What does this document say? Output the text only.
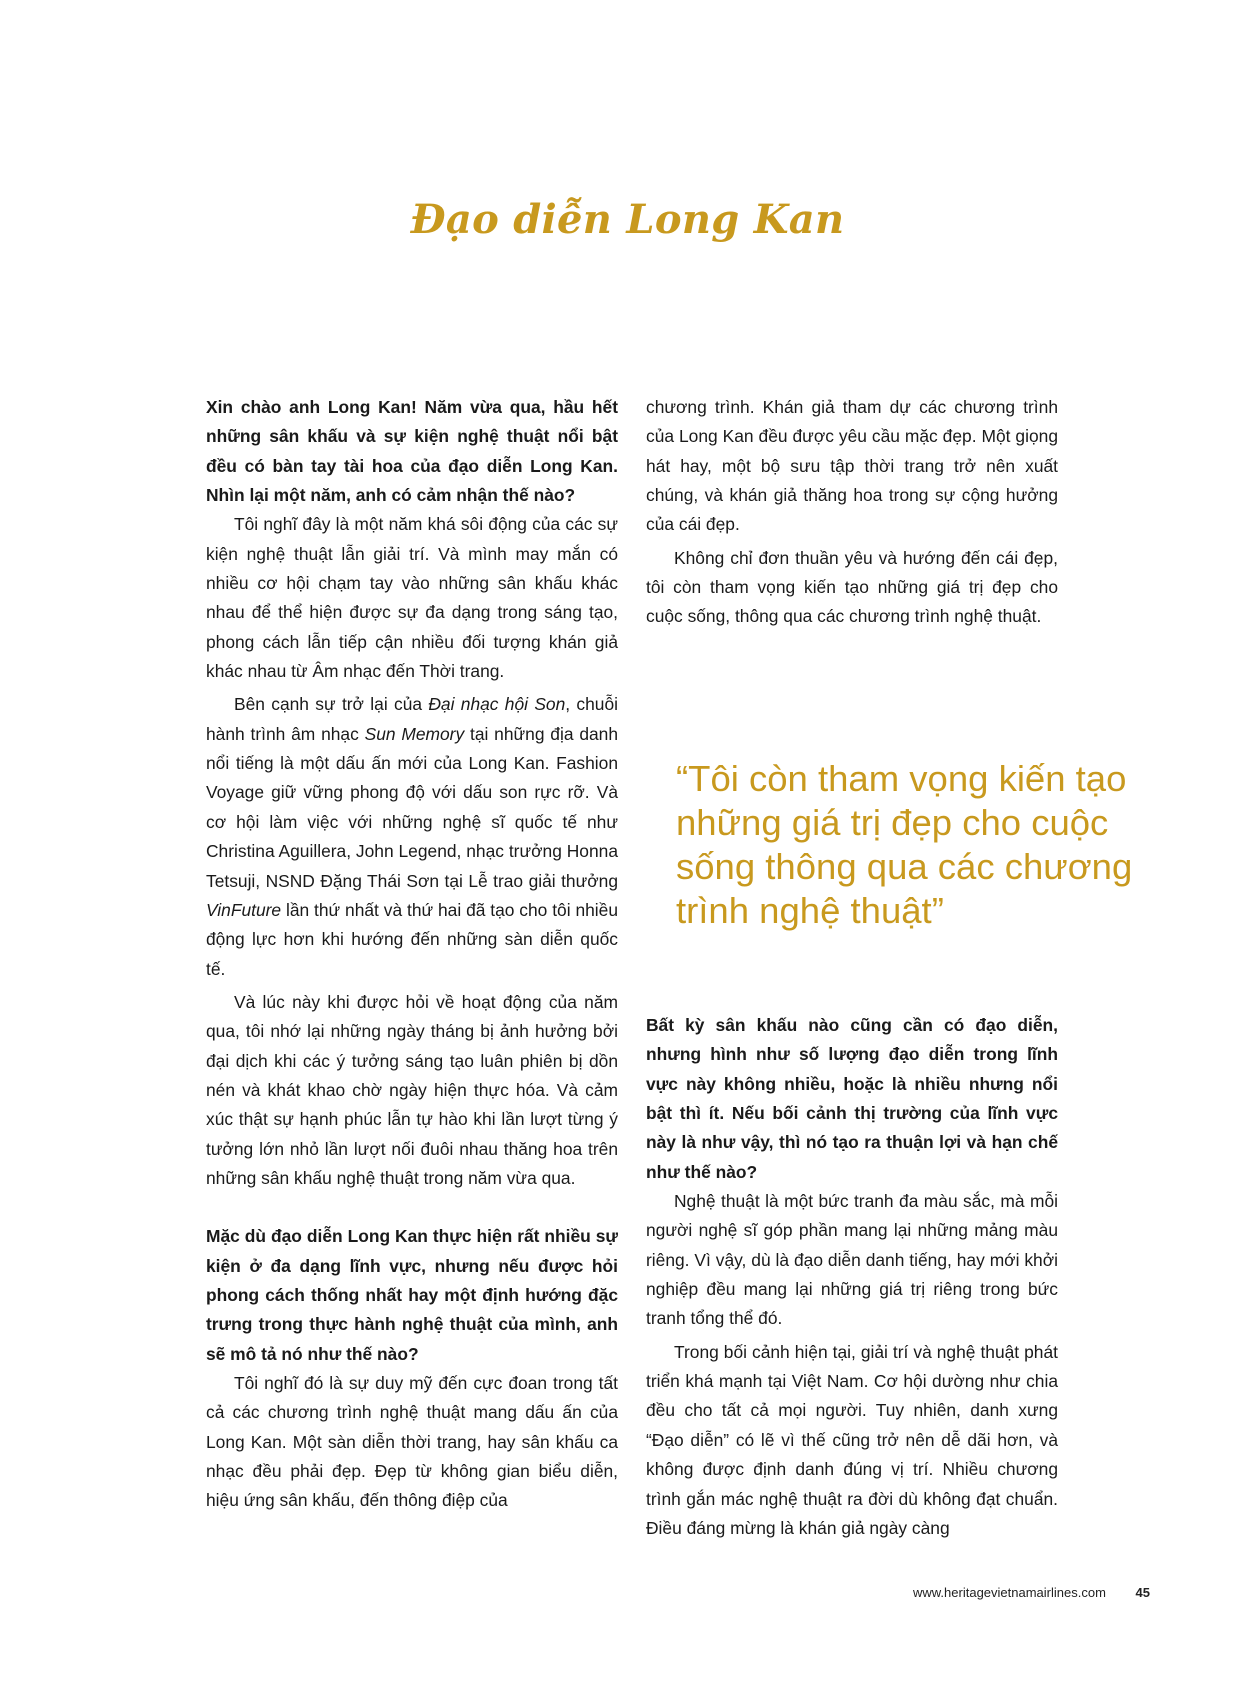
Đạo diễn Long Kan

Xin chào anh Long Kan! Năm vừa qua, hầu hết những sân khấu và sự kiện nghệ thuật nổi bật đều có bàn tay tài hoa của đạo diễn Long Kan. Nhìn lại một năm, anh có cảm nhận thế nào?

Tôi nghĩ đây là một năm khá sôi động của các sự kiện nghệ thuật lẫn giải trí. Và mình may mắn có nhiều cơ hội chạm tay vào những sân khấu khác nhau để thể hiện được sự đa dạng trong sáng tạo, phong cách lẫn tiếp cận nhiều đối tượng khán giả khác nhau từ Âm nhạc đến Thời trang.

Bên cạnh sự trở lại của Đại nhạc hội Son, chuỗi hành trình âm nhạc Sun Memory tại những địa danh nổi tiếng là một dấu ấn mới của Long Kan. Fashion Voyage giữ vững phong độ với dấu son rực rỡ. Và cơ hội làm việc với những nghệ sĩ quốc tế như Christina Aguillera, John Legend, nhạc trưởng Honna Tetsuji, NSND Đặng Thái Sơn tại Lễ trao giải thưởng VinFuture lần thứ nhất và thứ hai đã tạo cho tôi nhiều động lực hơn khi hướng đến những sàn diễn quốc tế.

Và lúc này khi được hỏi về hoạt động của năm qua, tôi nhớ lại những ngày tháng bị ảnh hưởng bởi đại dịch khi các ý tưởng sáng tạo luân phiên bị dồn nén và khát khao chờ ngày hiện thực hóa. Và cảm xúc thật sự hạnh phúc lẫn tự hào khi lần lượt từng ý tưởng lớn nhỏ lần lượt nối đuôi nhau thăng hoa trên những sân khấu nghệ thuật trong năm vừa qua.

Mặc dù đạo diễn Long Kan thực hiện rất nhiều sự kiện ở đa dạng lĩnh vực, nhưng nếu được hỏi phong cách thống nhất hay một định hướng đặc trưng trong thực hành nghệ thuật của mình, anh sẽ mô tả nó như thế nào?

Tôi nghĩ đó là sự duy mỹ đến cực đoan trong tất cả các chương trình nghệ thuật mang dấu ấn của Long Kan. Một sàn diễn thời trang, hay sân khấu ca nhạc đều phải đẹp. Đẹp từ không gian biểu diễn, hiệu ứng sân khấu, đến thông điệp của

chương trình. Khán giả tham dự các chương trình của Long Kan đều được yêu cầu mặc đẹp. Một giọng hát hay, một bộ sưu tập thời trang trở nên xuất chúng, và khán giả thăng hoa trong sự cộng hưởng của cái đẹp.

Không chỉ đơn thuần yêu và hướng đến cái đẹp, tôi còn tham vọng kiến tạo những giá trị đẹp cho cuộc sống, thông qua các chương trình nghệ thuật.

“Tôi còn tham vọng kiến tạo những giá trị đẹp cho cuộc sống thông qua các chương trình nghệ thuật”

Bất kỳ sân khấu nào cũng cần có đạo diễn, nhưng hình như số lượng đạo diễn trong lĩnh vực này không nhiều, hoặc là nhiều nhưng nổi bật thì ít. Nếu bối cảnh thị trường của lĩnh vực này là như vậy, thì nó tạo ra thuận lợi và hạn chế như thế nào?

Nghệ thuật là một bức tranh đa màu sắc, mà mỗi người nghệ sĩ góp phần mang lại những mảng màu riêng. Vì vậy, dù là đạo diễn danh tiếng, hay mới khởi nghiệp đều mang lại những giá trị riêng trong bức tranh tổng thể đó.

Trong bối cảnh hiện tại, giải trí và nghệ thuật phát triển khá mạnh tại Việt Nam. Cơ hội dường như chia đều cho tất cả mọi người. Tuy nhiên, danh xưng “Đạo diễn” có lẽ vì thế cũng trở nên dễ dãi hơn, và không được định danh đúng vị trí. Nhiều chương trình gắn mác nghệ thuật ra đời dù không đạt chuẩn. Điều đáng mừng là khán giả ngày càng

www.heritagevietnamairlines.com 45
